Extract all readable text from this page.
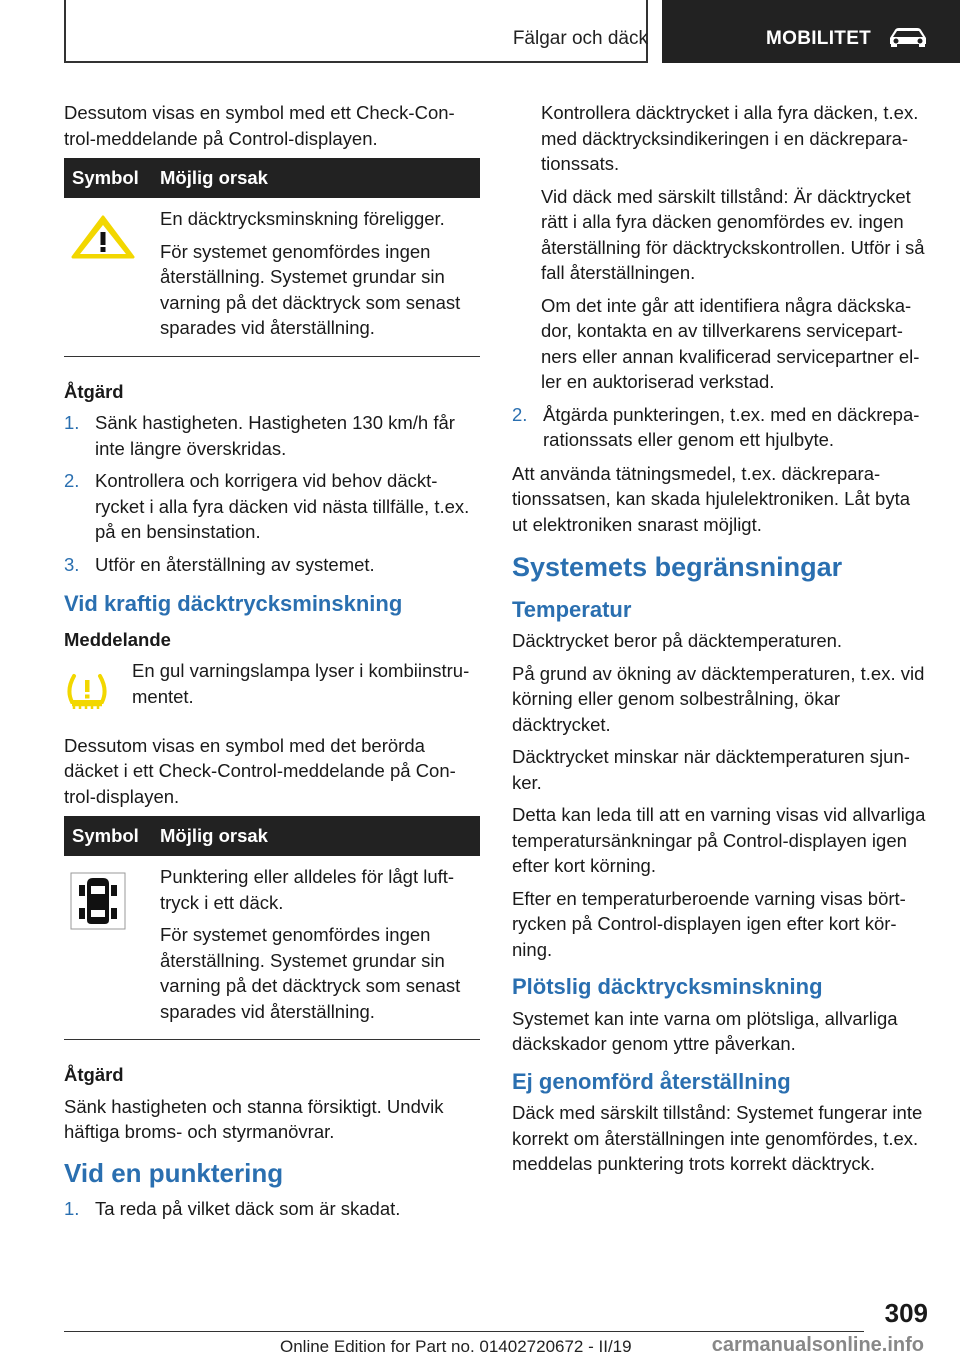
Fälgar och däck	MOBILITET

Dessutom visas en symbol med ett Check-Con-trol-meddelande på Control-displayen.

Symbol	Möjlig orsak

En däcktrycksminskning föreligger.

För systemet genomfördes ingen återställning. Systemet grundar sin varning på det däcktryck som senast sparades vid återställning.

Åtgärd
1. Sänk hastigheten. Hastigheten 130 km/h får inte längre överskridas.
2. Kontrollera och korrigera vid behov däckt-rycket i alla fyra däcken vid nästa tillfälle, t.ex. på en bensinstation.
3. Utför en återställning av systemet.
Vid kraftig däcktrycksminskning
Meddelande
En gul varningslampa lyser i kombiinstru-mentet.

Dessutom visas en symbol med det berörda däcket i ett Check-Control-meddelande på Con-trol-displayen.

Symbol	Möjlig orsak

Punktering eller alldeles för lågt luft-tryck i ett däck.

För systemet genomfördes ingen återställning. Systemet grundar sin varning på det däcktryck som senast sparades vid återställning.

Åtgärd

Sänk hastigheten och stanna försiktigt. Undvik häftiga broms- och styrmanövrar.

Vid en punktering
1. Ta reda på vilket däck som är skadat.

Kontrollera däcktrycket i alla fyra däcken, t.ex. med däcktrycksindikeringen i en däckrepara-tionssats.

Vid däck med särskilt tillstånd: Är däcktrycket rätt i alla fyra däcken genomfördes ev. ingen återställning för däcktryckskontrollen. Utför i så fall återställningen.

Om det inte går att identifiera några däckska-dor, kontakta en av tillverkarens servicepart-ners eller annan kvalificerad servicepartner el-ler en auktoriserad verkstad.

2. Åtgärda punkteringen, t.ex. med en däckrepa-rationssats eller genom ett hjulbyte.

Att använda tätningsmedel, t.ex. däckrepara-tionssatsen, kan skada hjulelektroniken. Låt byta ut elektroniken snarast möjligt.

Systemets begränsningar
Temperatur

Däcktrycket beror på däcktemperaturen.

På grund av ökning av däcktemperaturen, t.ex. vid körning eller genom solbestrålning, ökar däcktrycket.

Däcktrycket minskar när däcktemperaturen sjun-ker.

Detta kan leda till att en varning visas vid allvarliga temperatursänkningar på Control-displayen igen efter kort körning.

Efter en temperaturberoende varning visas bört-rycken på Control-displayen igen efter kort kör-ning.

Plötslig däcktrycksminskning

Systemet kan inte varna om plötsliga, allvarliga däckskador genom yttre påverkan.

Ej genomförd återställning

Däck med särskilt tillstånd: Systemet fungerar inte korrekt om återställningen inte genomfördes, t.ex. meddelas punktering trots korrekt däcktryck.

309
Online Edition for Part no. 01402720672 - II/19	carmanualsonline.info
